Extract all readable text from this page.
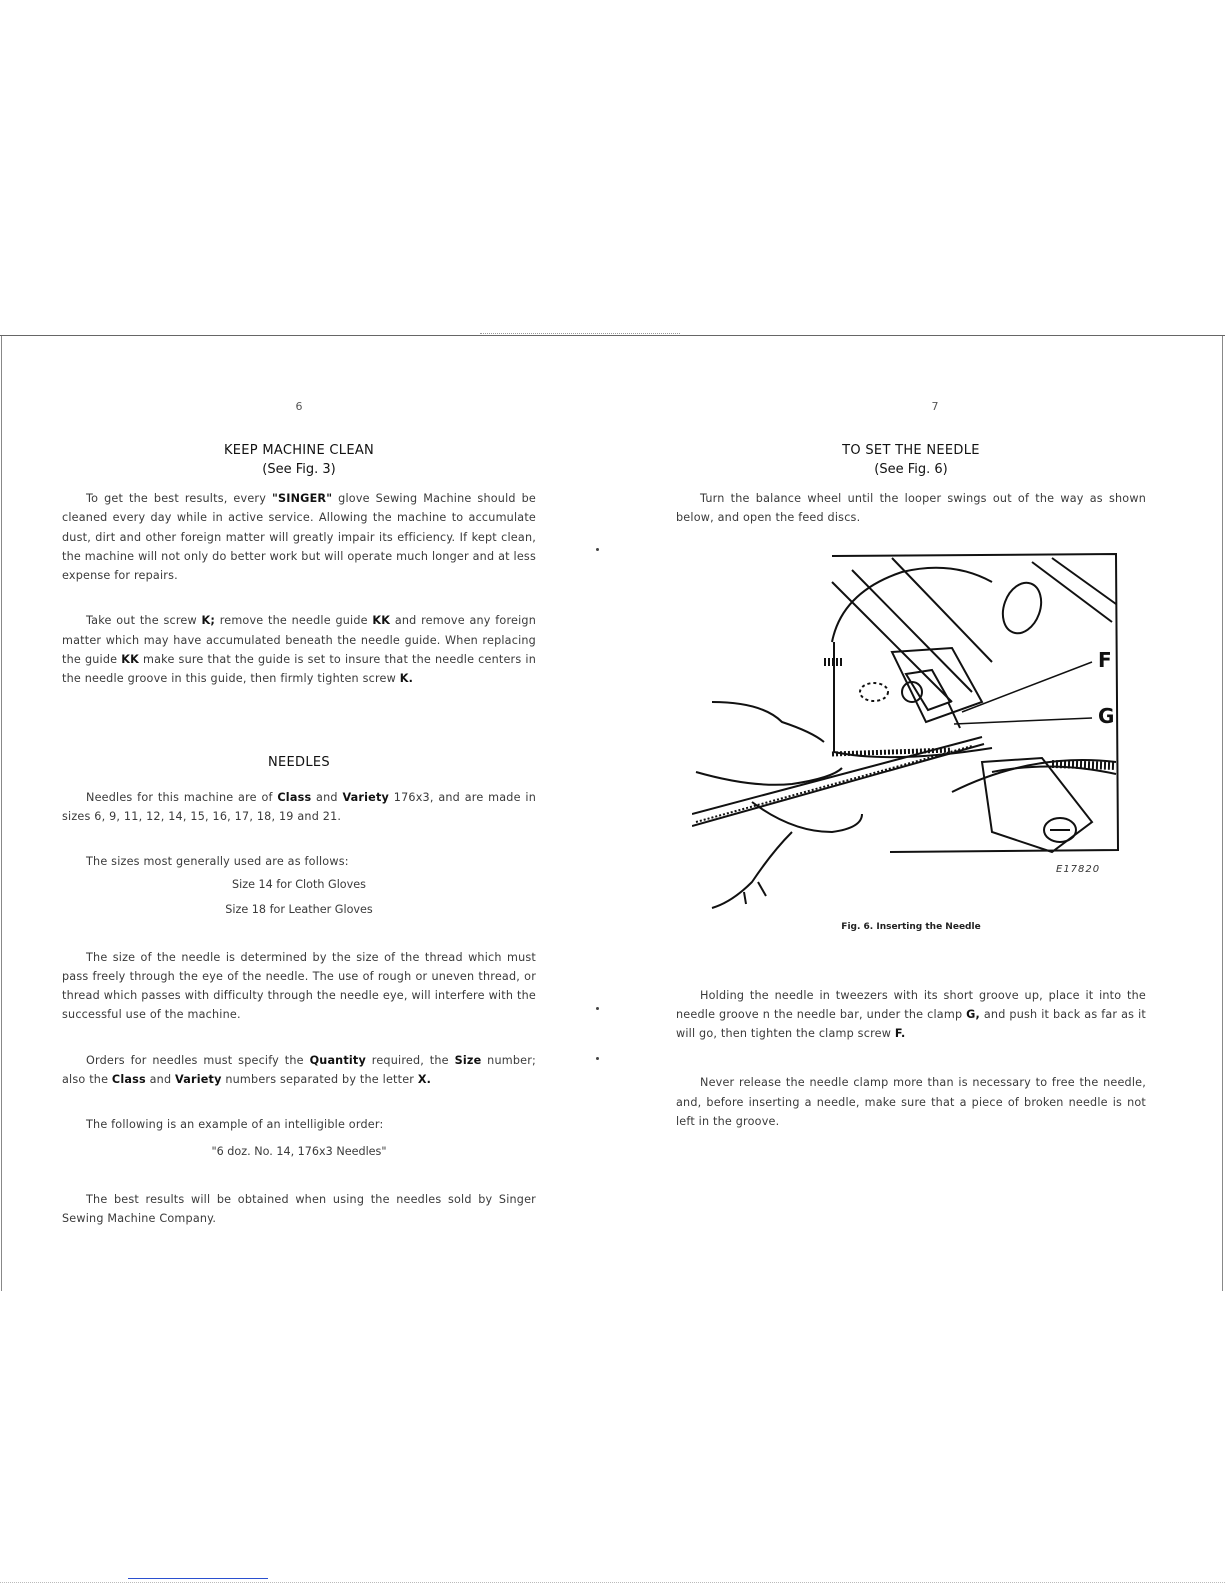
6
KEEP MACHINE CLEAN
(See Fig. 3)

To get the best results, every "SINGER" glove Sewing Machine should be cleaned every day while in active service. Allowing the machine to accumulate dust, dirt and other foreign matter will greatly impair its efficiency. If kept clean, the machine will not only do better work but will operate much longer and at less expense for repairs.

Take out the screw K; remove the needle guide KK and remove any foreign matter which may have accumulated beneath the needle guide. When replacing the guide KK make sure that the guide is set to insure that the needle centers in the needle groove in this guide, then firmly tighten screw K.

NEEDLES

Needles for this machine are of Class and Variety 176x3, and are made in sizes 6, 9, 11, 12, 14, 15, 16, 17, 18, 19 and 21.

The sizes most generally used are as follows:

Size 14 for Cloth Gloves
Size 18 for Leather Gloves

The size of the needle is determined by the size of the thread which must pass freely through the eye of the needle. The use of rough or uneven thread, or thread which passes with difficulty through the needle eye, will interfere with the successful use of the machine.

Orders for needles must specify the Quantity required, the Size number; also the Class and Variety numbers separated by the letter X.

The following is an example of an intelligible order:

"6 doz. No. 14, 176x3 Needles"

The best results will be obtained when using the needles sold by Singer Sewing Machine Company.

7
TO SET THE NEEDLE
(See Fig. 6)

Turn the balance wheel until the looper swings out of the way as shown below, and open the feed discs.

F
G
E17820
Fig. 6. Inserting the Needle

Holding the needle in tweezers with its short groove up, place it into the needle groove n the needle bar, under the clamp G, and push it back as far as it will go, then tighten the clamp screw F.

Never release the needle clamp more than is necessary to free the needle, and, before inserting a needle, make sure that a piece of broken needle is not left in the groove.
